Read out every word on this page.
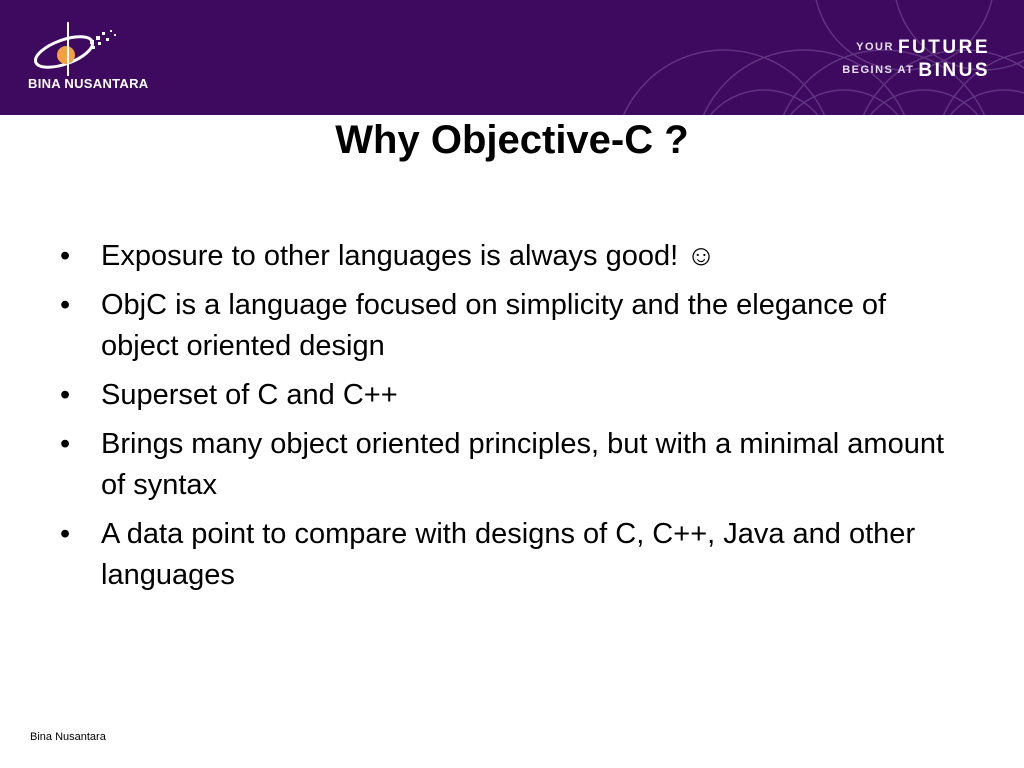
BINA NUSANTARA
YOUR FUTURE
BEGINS AT BINUS
Why Objective-C ?
• Exposure to other languages is always good! ☺
• ObjC is a language focused on simplicity and the elegance of object oriented design
• Superset of C and C++
• Brings many object oriented principles, but with a minimal amount of syntax
• A data point to compare with designs of C, C++, Java and other languages
Bina Nusantara
